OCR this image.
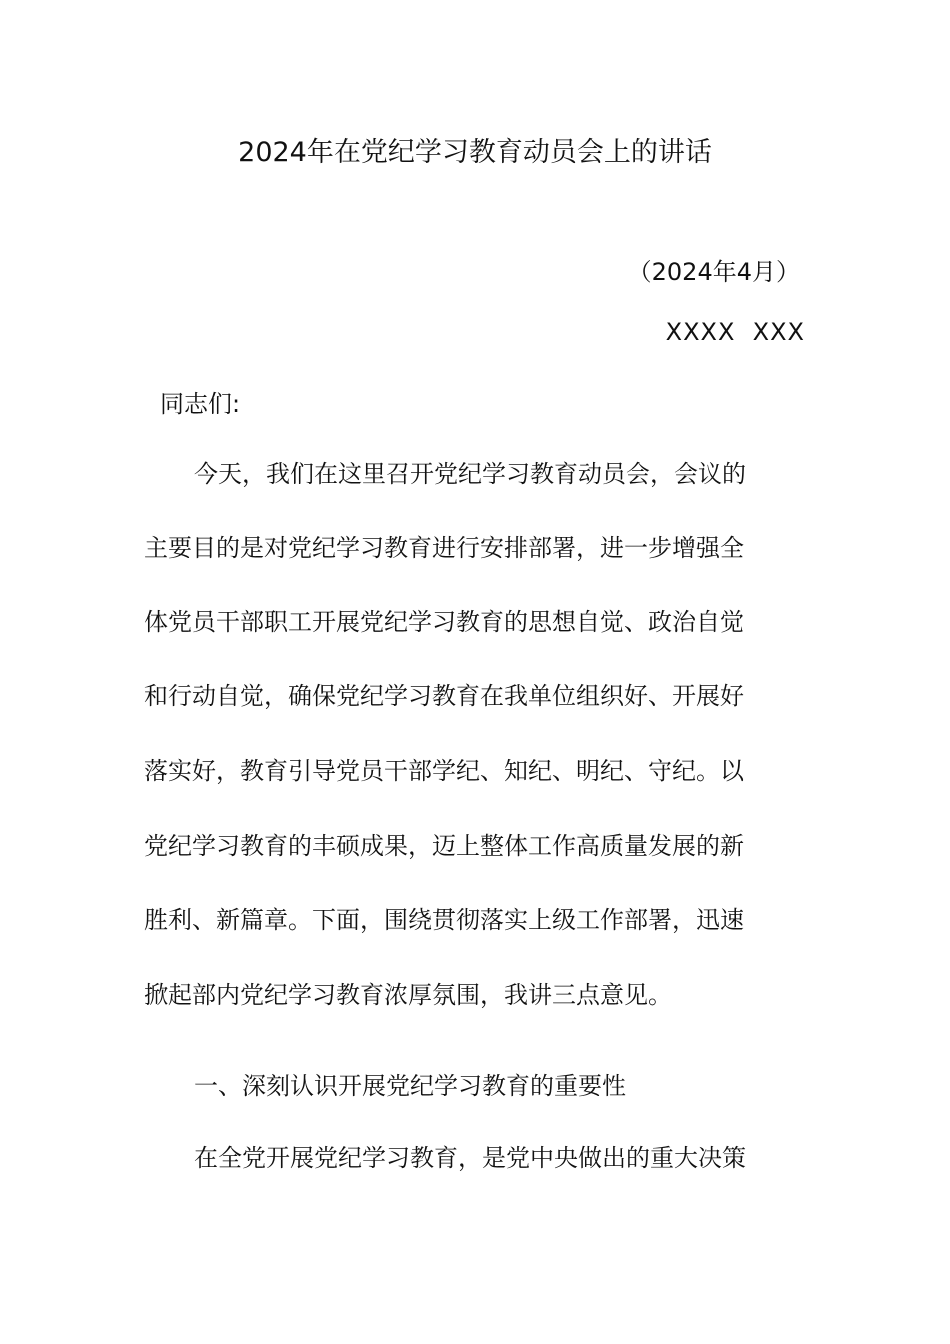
2024年在党纪学习教育动员会上的讲话
（2024年4月）
XXXX  XXX
同志们:
今天，我们在这里召开党纪学习教育动员会，会议的
主要目的是对党纪学习教育进行安排部署，进一步增强全
体党员干部职工开展党纪学习教育的思想自觉、政治自觉
和行动自觉，确保党纪学习教育在我单位组织好、开展好
落实好，教育引导党员干部学纪、知纪、明纪、守纪。以
党纪学习教育的丰硕成果，迈上整体工作高质量发展的新
胜利、新篇章。下面，围绕贯彻落实上级工作部署，迅速
掀起部内党纪学习教育浓厚氛围，我讲三点意见。
一、深刻认识开展党纪学习教育的重要性
在全党开展党纪学习教育，是党中央做出的重大决策
